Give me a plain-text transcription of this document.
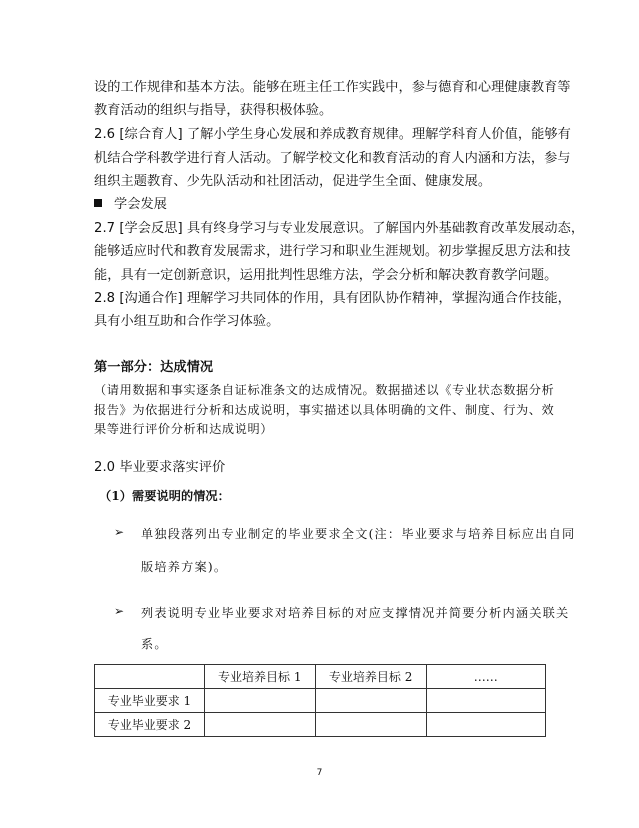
设的工作规律和基本方法。能够在班主任工作实践中，参与德育和心理健康教育等
教育活动的组织与指导，获得积极体验。
2.6 [综合育人] 了解小学生身心发展和养成教育规律。理解学科育人价值，能够有
机结合学科教学进行育人活动。了解学校文化和教育活动的育人内涵和方法，参与
组织主题教育、少先队活动和社团活动，促进学生全面、健康发展。
学会发展
2.7 [学会反思] 具有终身学习与专业发展意识。了解国内外基础教育改革发展动态，
能够适应时代和教育发展需求，进行学习和职业生涯规划。初步掌握反思方法和技
能，具有一定创新意识，运用批判性思维方法，学会分析和解决教育教学问题。
2.8 [沟通合作] 理解学习共同体的作用，具有团队协作精神，掌握沟通合作技能，
具有小组互助和合作学习体验。
第一部分：达成情况
（请用数据和事实逐条自证标准条文的达成情况。数据描述以《专业状态数据分析
报告》为依据进行分析和达成说明，事实描述以具体明确的文件、制度、行为、效
果等进行评价分析和达成说明）
2.0 毕业要求落实评价
（1）需要说明的情况：
➢ 单独段落列出专业制定的毕业要求全文(注：毕业要求与培养目标应出自同
版培养方案)。
➢ 列表说明专业毕业要求对培养目标的对应支撑情况并简要分析内涵关联关
系。
	专业培养目标 1	专业培养目标 2	……
专业毕业要求 1			
专业毕业要求 2			
7
